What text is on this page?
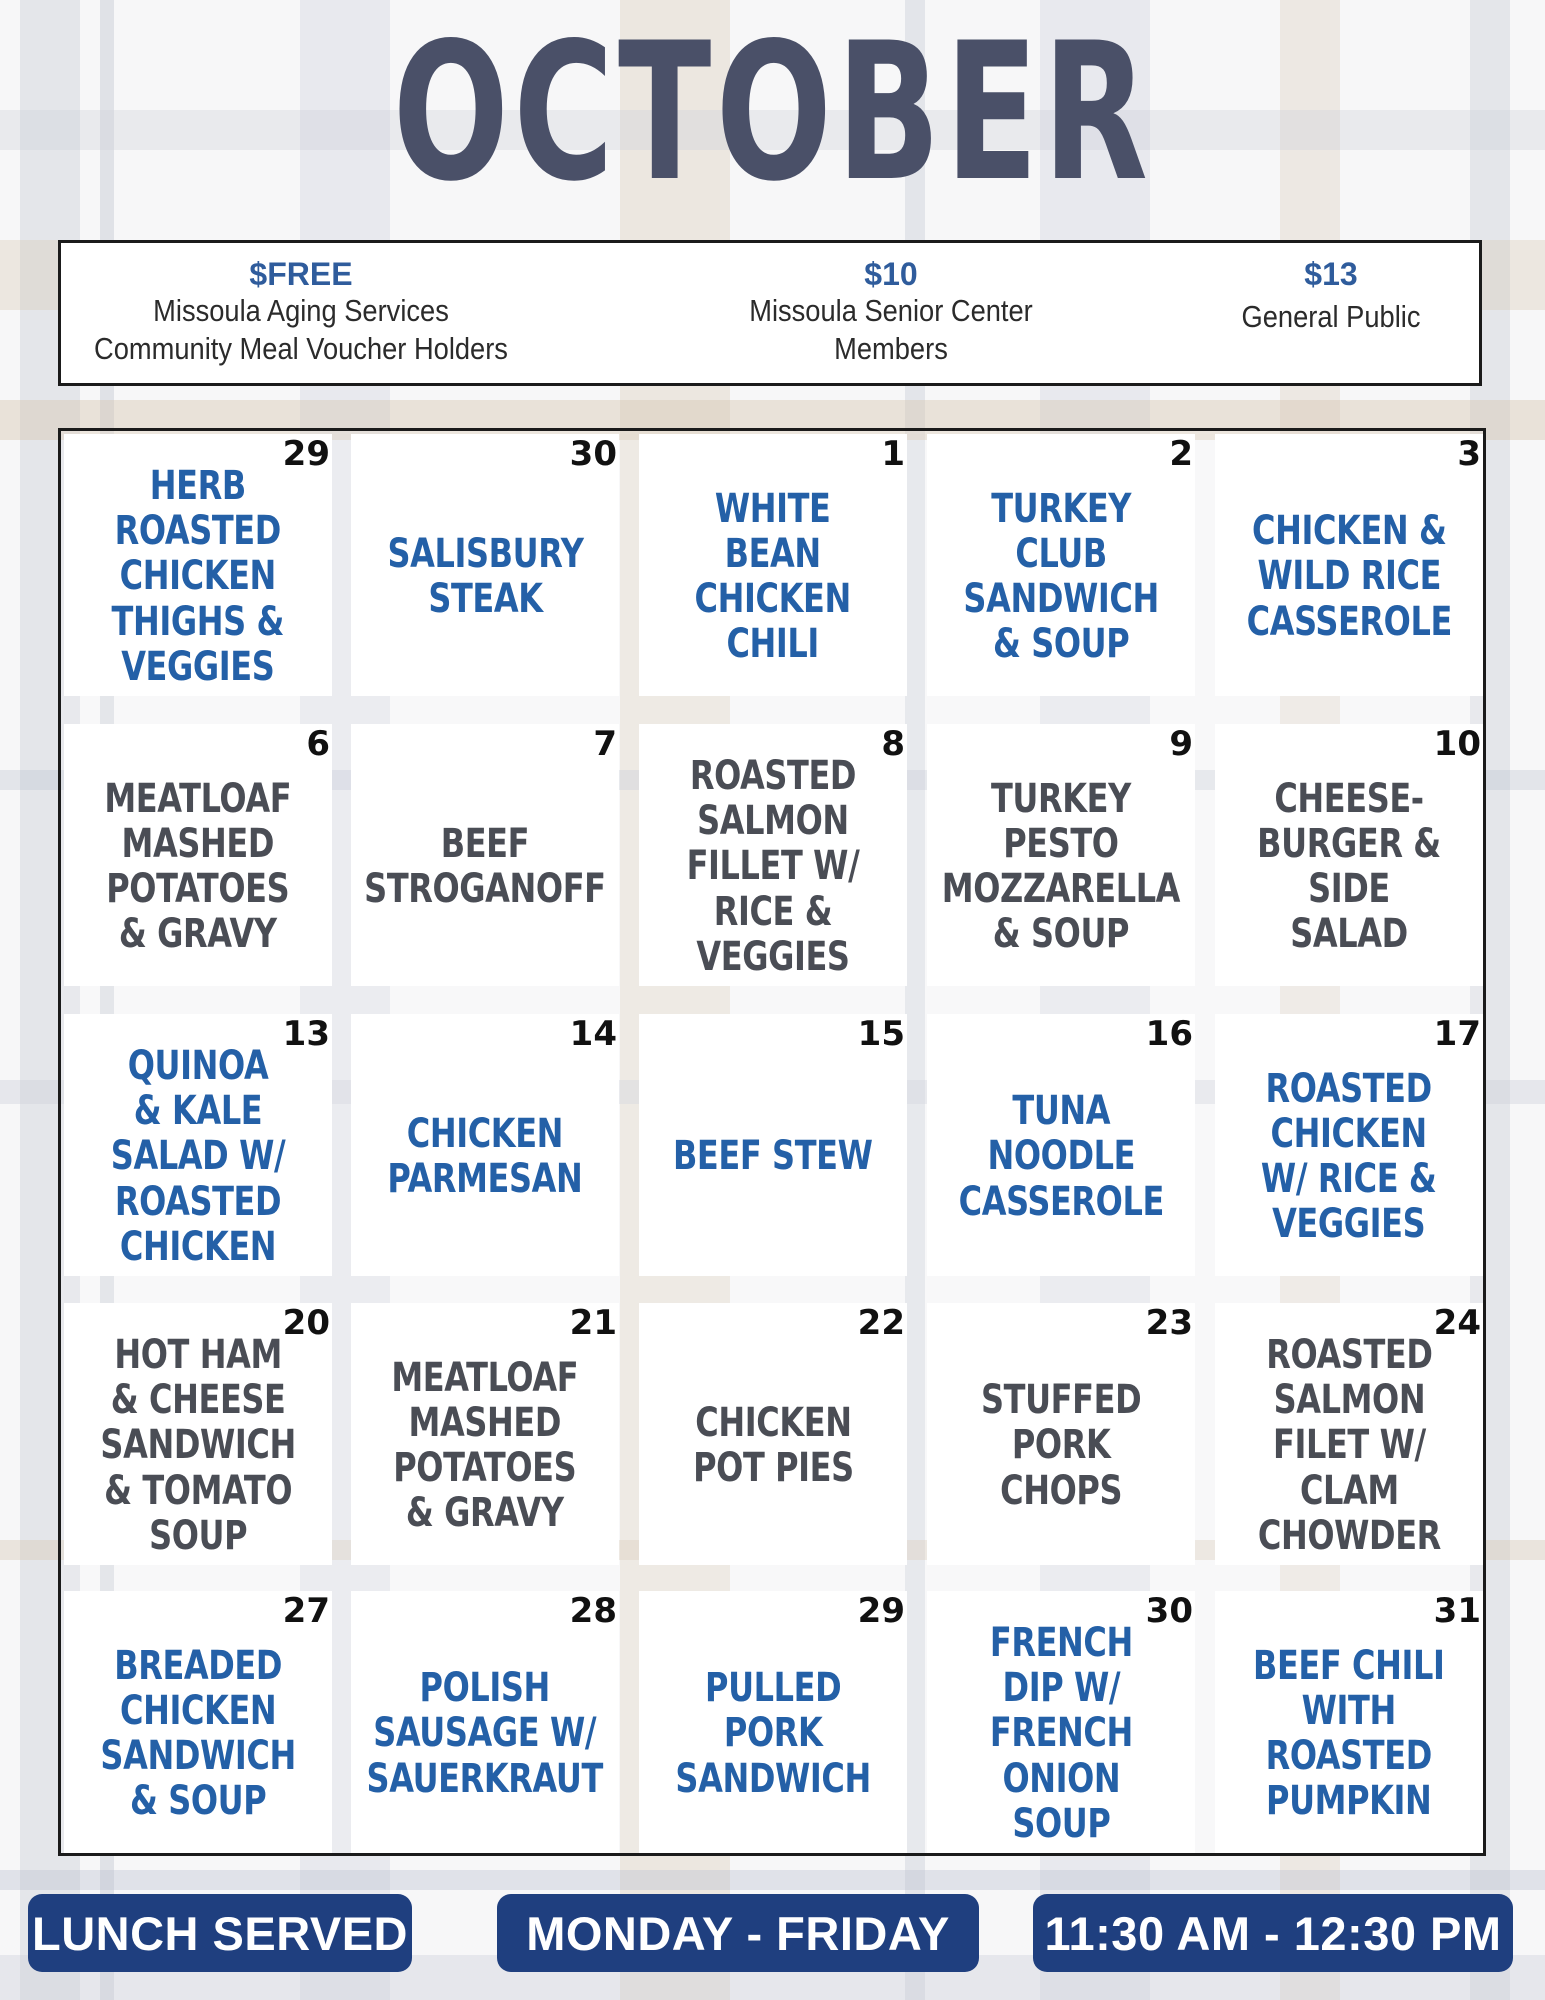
OCTOBER
$FREE
Missoula Aging Services
Community Meal Voucher Holders
$10
Missoula Senior Center
Members
$13
General Public
HERB
ROASTED
CHICKEN
THIGHS &
VEGGIES
29
SALISBURY
STEAK
30
WHITE
BEAN
CHICKEN
CHILI
1
TURKEY
CLUB
SANDWICH
& SOUP
2
CHICKEN &
WILD RICE
CASSEROLE
3
MEATLOAF
MASHED
POTATOES
& GRAVY
6
BEEF
STROGANOFF
7
ROASTED
SALMON
FILLET W/
RICE &
VEGGIES
8
TURKEY
PESTO
MOZZARELLA
& SOUP
9
CHEESE-
BURGER &
SIDE SALAD
10
QUINOA
& KALE
SALAD W/
ROASTED
CHICKEN
13
CHICKEN
PARMESAN
14
BEEF STEW
15
TUNA
NOODLE
CASSEROLE
16
ROASTED
CHICKEN
W/ RICE &
VEGGIES
17
HOT HAM
& CHEESE
SANDWICH
& TOMATO
SOUP
20
MEATLOAF
MASHED
POTATOES
& GRAVY
21
CHICKEN
POT PIES
22
STUFFED
PORK
CHOPS
23
ROASTED
SALMON
FILET W/
CLAM
CHOWDER
24
BREADED
CHICKEN
SANDWICH
& SOUP
27
POLISH
SAUSAGE W/
SAUERKRAUT
28
PULLED
PORK
SANDWICH
29
FRENCH
DIP W/
FRENCH
ONION
SOUP
30
BEEF CHILI
WITH
ROASTED
PUMPKIN
31
LUNCH SERVED	MONDAY - FRIDAY	11:30 AM - 12:30 PM
